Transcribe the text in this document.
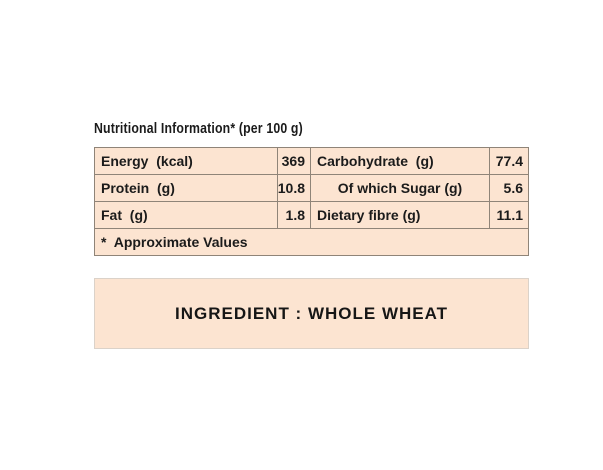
Nutritional Information* (per 100 g)
Energy  (kcal)	369 Carbohydrate  (g)	77.4
Protein  (g)	10.8	Of which Sugar (g)	5.6
Fat  (g)	1.8 Dietary fibre (g)	11.1
*  Approximate Values
INGREDIENT : WHOLE WHEAT
